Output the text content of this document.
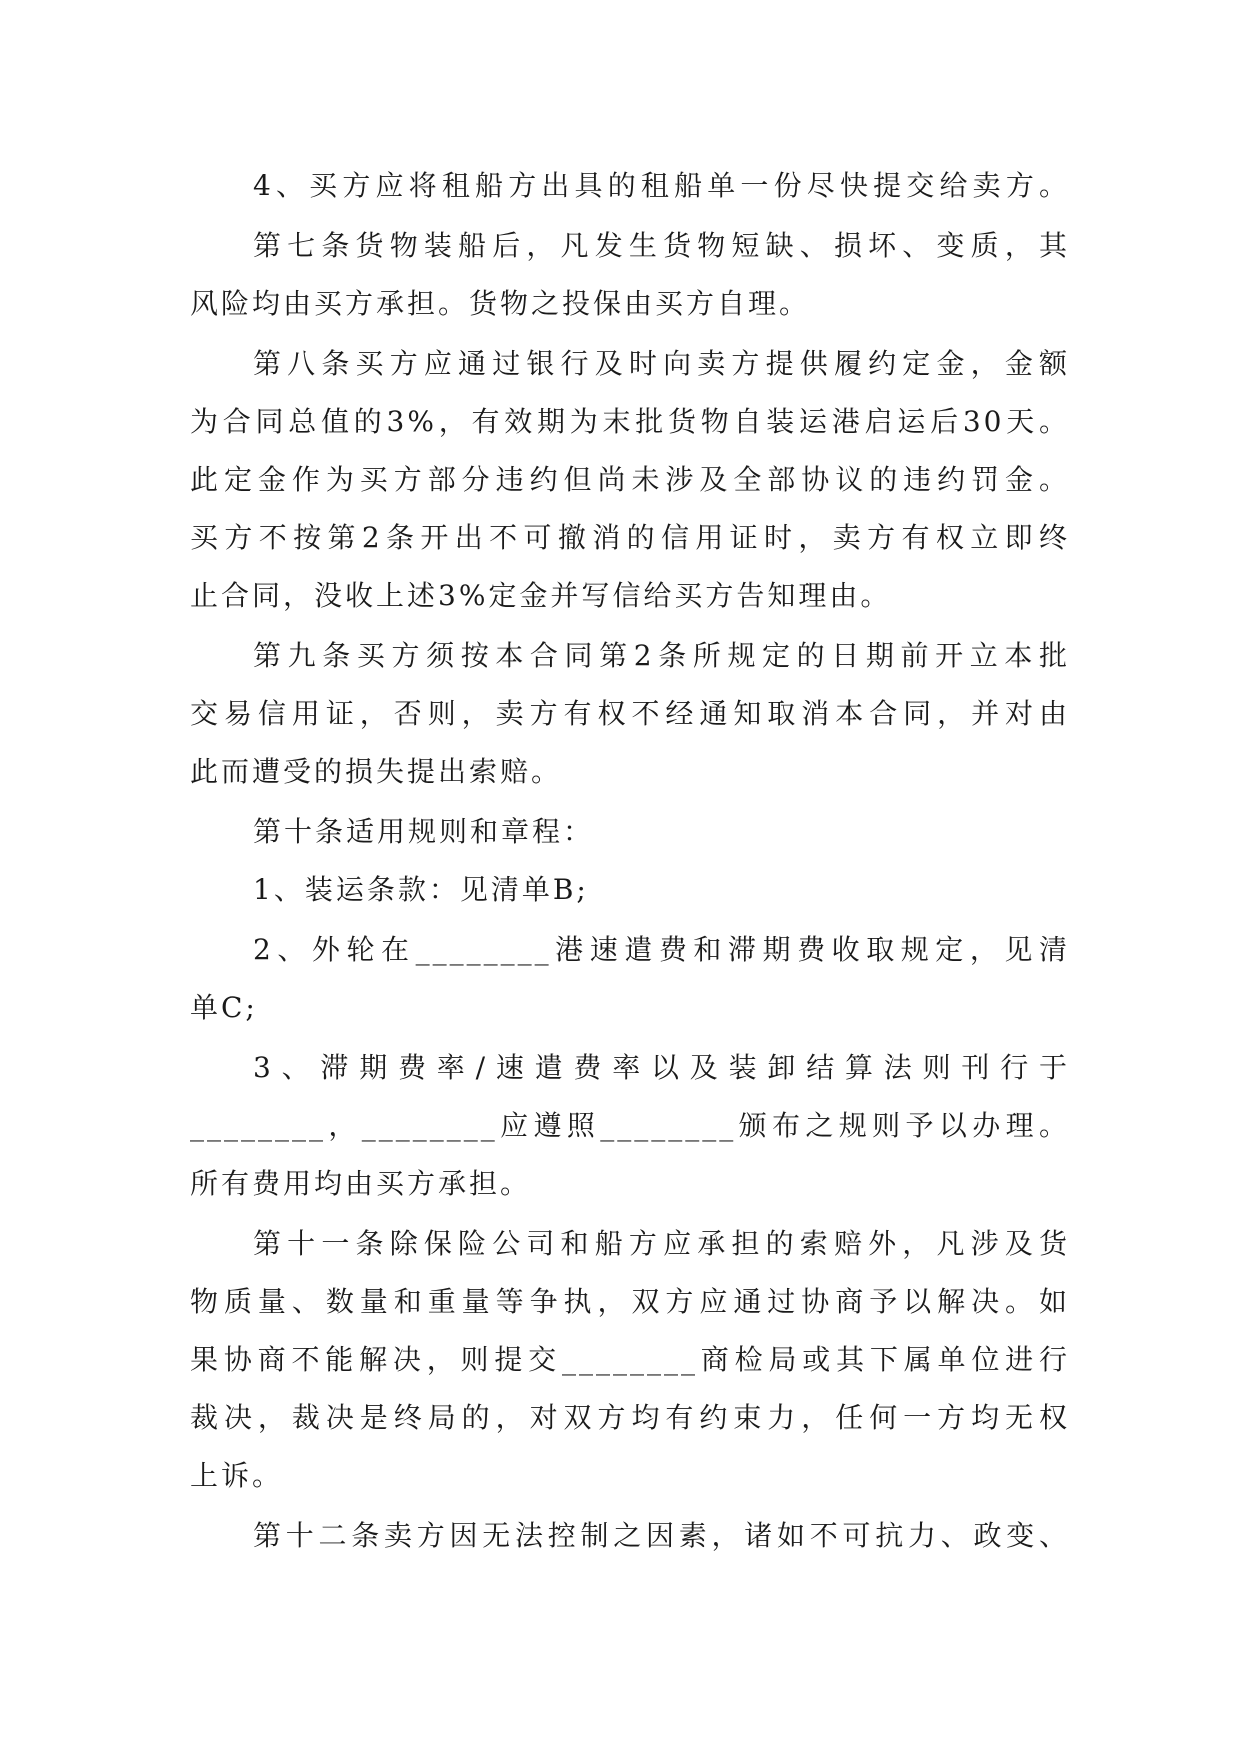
4、买方应将租船方出具的租船单一份尽快提交给卖方。
第七条货物装船后，凡发生货物短缺、损坏、变质，其
风险均由买方承担。货物之投保由买方自理。
第八条买方应通过银行及时向卖方提供履约定金，金额
为合同总值的3%，有效期为末批货物自装运港启运后30天。
此定金作为买方部分违约但尚未涉及全部协议的违约罚金。
买方不按第2条开出不可撤消的信用证时，卖方有权立即终
止合同，没收上述3%定金并写信给买方告知理由。
第九条买方须按本合同第2条所规定的日期前开立本批
交易信用证，否则，卖方有权不经通知取消本合同，并对由
此而遭受的损失提出索赔。
第十条适用规则和章程：
1、装运条款：见清单B;
2、外轮在________港速遣费和滞期费收取规定，见清
单C;
3、滞期费率/速遣费率以及装卸结算法则刊行于
________，________应遵照________颁布之规则予以办理。
所有费用均由买方承担。
第十一条除保险公司和船方应承担的索赔外，凡涉及货
物质量、数量和重量等争执，双方应通过协商予以解决。如
果协商不能解决，则提交________商检局或其下属单位进行
裁决，裁决是终局的，对双方均有约束力，任何一方均无权
上诉。
第十二条卖方因无法控制之因素，诸如不可抗力、政变、
